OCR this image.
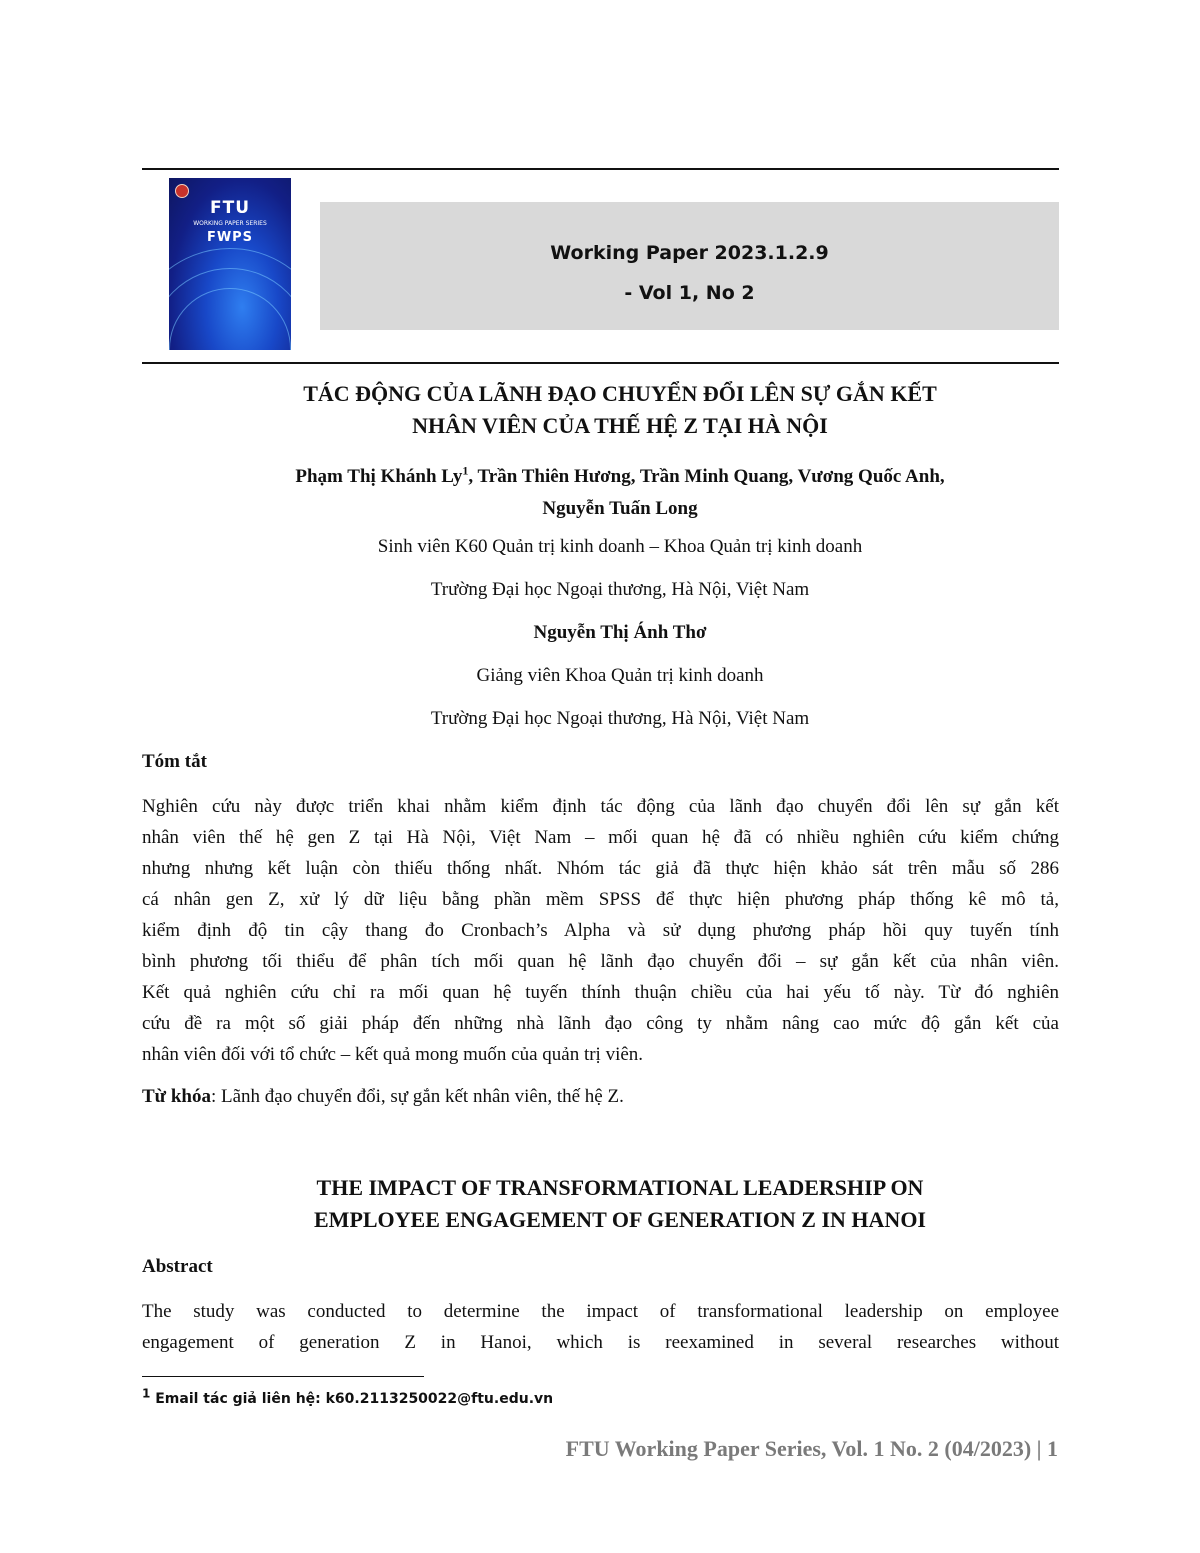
FTU
WORKING PAPER SERIES
FWPS
Working Paper 2023.1.2.9
- Vol 1, No 2
TÁC ĐỘNG CỦA LÃNH ĐẠO CHUYỂN ĐỔI LÊN SỰ GẮN KẾT
NHÂN VIÊN CỦA THẾ HỆ Z TẠI HÀ NỘI
Phạm Thị Khánh Ly$^1$, Trần Thiên Hương, Trần Minh Quang, Vương Quốc Anh,
Nguyễn Tuấn Long
Sinh viên K60 Quản trị kinh doanh – Khoa Quản trị kinh doanh
Trường Đại học Ngoại thương, Hà Nội, Việt Nam
Nguyễn Thị Ánh Thơ
Giảng viên Khoa Quản trị kinh doanh
Trường Đại học Ngoại thương, Hà Nội, Việt Nam
Tóm tắt
Nghiên cứu này được triển khai nhằm kiểm định tác động của lãnh đạo chuyển đổi lên sự gắn kết
nhân viên thế hệ gen Z tại Hà Nội, Việt Nam – mối quan hệ đã có nhiều nghiên cứu kiểm chứng
nhưng nhưng kết luận còn thiếu thống nhất. Nhóm tác giả đã thực hiện khảo sát trên mẫu số 286
cá nhân gen Z, xử lý dữ liệu bằng phần mềm SPSS để thực hiện phương pháp thống kê mô tả,
kiểm định độ tin cậy thang đo Cronbach’s Alpha và sử dụng phương pháp hồi quy tuyến tính
bình phương tối thiểu để phân tích mối quan hệ lãnh đạo chuyển đổi – sự gắn kết của nhân viên.
Kết quả nghiên cứu chỉ ra mối quan hệ tuyến thính thuận chiều của hai yếu tố này. Từ đó nghiên
cứu đề ra một số giải pháp đến những nhà lãnh đạo công ty nhằm nâng cao mức độ gắn kết của
nhân viên đối với tổ chức – kết quả mong muốn của quản trị viên.
Từ khóa: Lãnh đạo chuyển đổi, sự gắn kết nhân viên, thế hệ Z.
THE IMPACT OF TRANSFORMATIONAL LEADERSHIP ON
EMPLOYEE ENGAGEMENT OF GENERATION Z IN HANOI
Abstract
The study was conducted to determine the impact of transformational leadership on employee
engagement of generation Z in Hanoi, which is reexamined in several researches without
$^1$ Email tác giả liên hệ: k60.2113250022@ftu.edu.vn
FTU Working Paper Series, Vol. 1 No. 2 (04/2023) | 1
